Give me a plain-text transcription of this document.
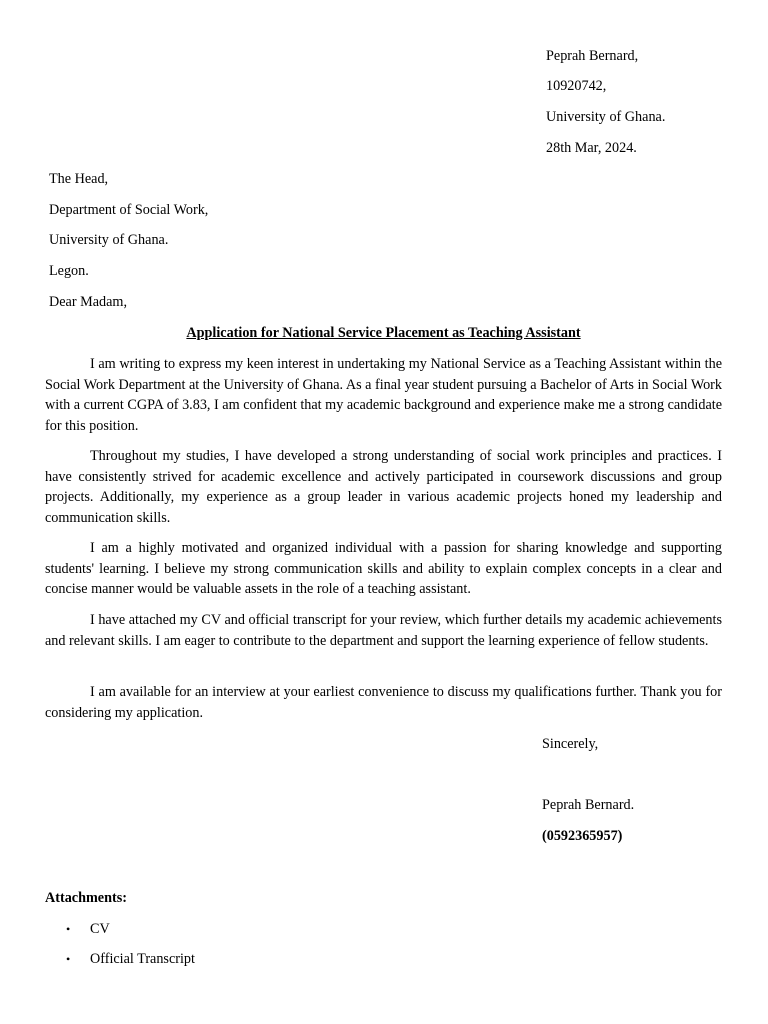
Peprah Bernard,
10920742,
University of Ghana.
28th Mar, 2024.
The Head,
Department of Social Work,
University of Ghana.
Legon.
Dear Madam,
Application for National Service Placement as Teaching Assistant

I am writing to express my keen interest in undertaking my National Service as a Teaching Assistant within the Social Work Department at the University of Ghana. As a final year student pursuing a Bachelor of Arts in Social Work with a current CGPA of 3.83, I am confident that my academic background and experience make me a strong candidate for this position.

Throughout my studies, I have developed a strong understanding of social work principles and practices. I have consistently strived for academic excellence and actively participated in coursework discussions and group projects. Additionally, my experience as a group leader in various academic projects honed my leadership and communication skills.

I am a highly motivated and organized individual with a passion for sharing knowledge and supporting students' learning. I believe my strong communication skills and ability to explain complex concepts in a clear and concise manner would be valuable assets in the role of a teaching assistant.

I have attached my CV and official transcript for your review, which further details my academic achievements and relevant skills. I am eager to contribute to the department and support the learning experience of fellow students.

I am available for an interview at your earliest convenience to discuss my qualifications further. Thank you for considering my application.

Sincerely,
Peprah Bernard.
(0592365957)
Attachments:
• CV
• Official Transcript
